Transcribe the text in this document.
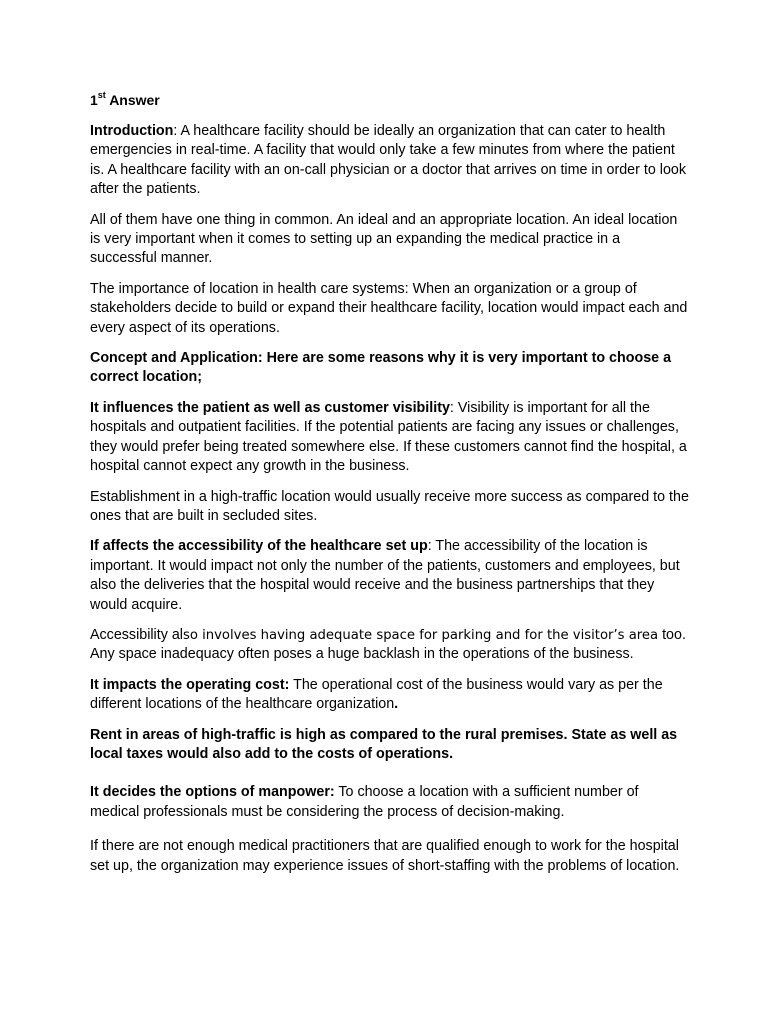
1st Answer

Introduction: A healthcare facility should be ideally an organization that can cater to health emergencies in real-time. A facility that would only take a few minutes from where the patient is. A healthcare facility with an on-call physician or a doctor that arrives on time in order to look after the patients.

All of them have one thing in common. An ideal and an appropriate location. An ideal location is very important when it comes to setting up an expanding the medical practice in a successful manner.

The importance of location in health care systems: When an organization or a group of stakeholders decide to build or expand their healthcare facility, location would impact each and every aspect of its operations.

Concept and Application: Here are some reasons why it is very important to choose a correct location;

It influences the patient as well as customer visibility: Visibility is important for all the hospitals and outpatient facilities. If the potential patients are facing any issues or challenges, they would prefer being treated somewhere else. If these customers cannot find the hospital, a hospital cannot expect any growth in the business.

Establishment in a high-traffic location would usually receive more success as compared to the ones that are built in secluded sites.

If affects the accessibility of the healthcare set up: The accessibility of the location is important. It would impact not only the number of the patients, customers and employees, but also the deliveries that the hospital would receive and the business partnerships that they would acquire.

Accessibility also involves having adequate space for parking and for the visitor’s area too. Any space inadequacy often poses a huge backlash in the operations of the business.

It impacts the operating cost: The operational cost of the business would vary as per the different locations of the healthcare organization.

Rent in areas of high-traffic is high as compared to the rural premises. State as well as local taxes would also add to the costs of operations.

It decides the options of manpower: To choose a location with a sufficient number of medical professionals must be considering the process of decision-making.

If there are not enough medical practitioners that are qualified enough to work for the hospital set up, the organization may experience issues of short-staffing with the problems of location.
